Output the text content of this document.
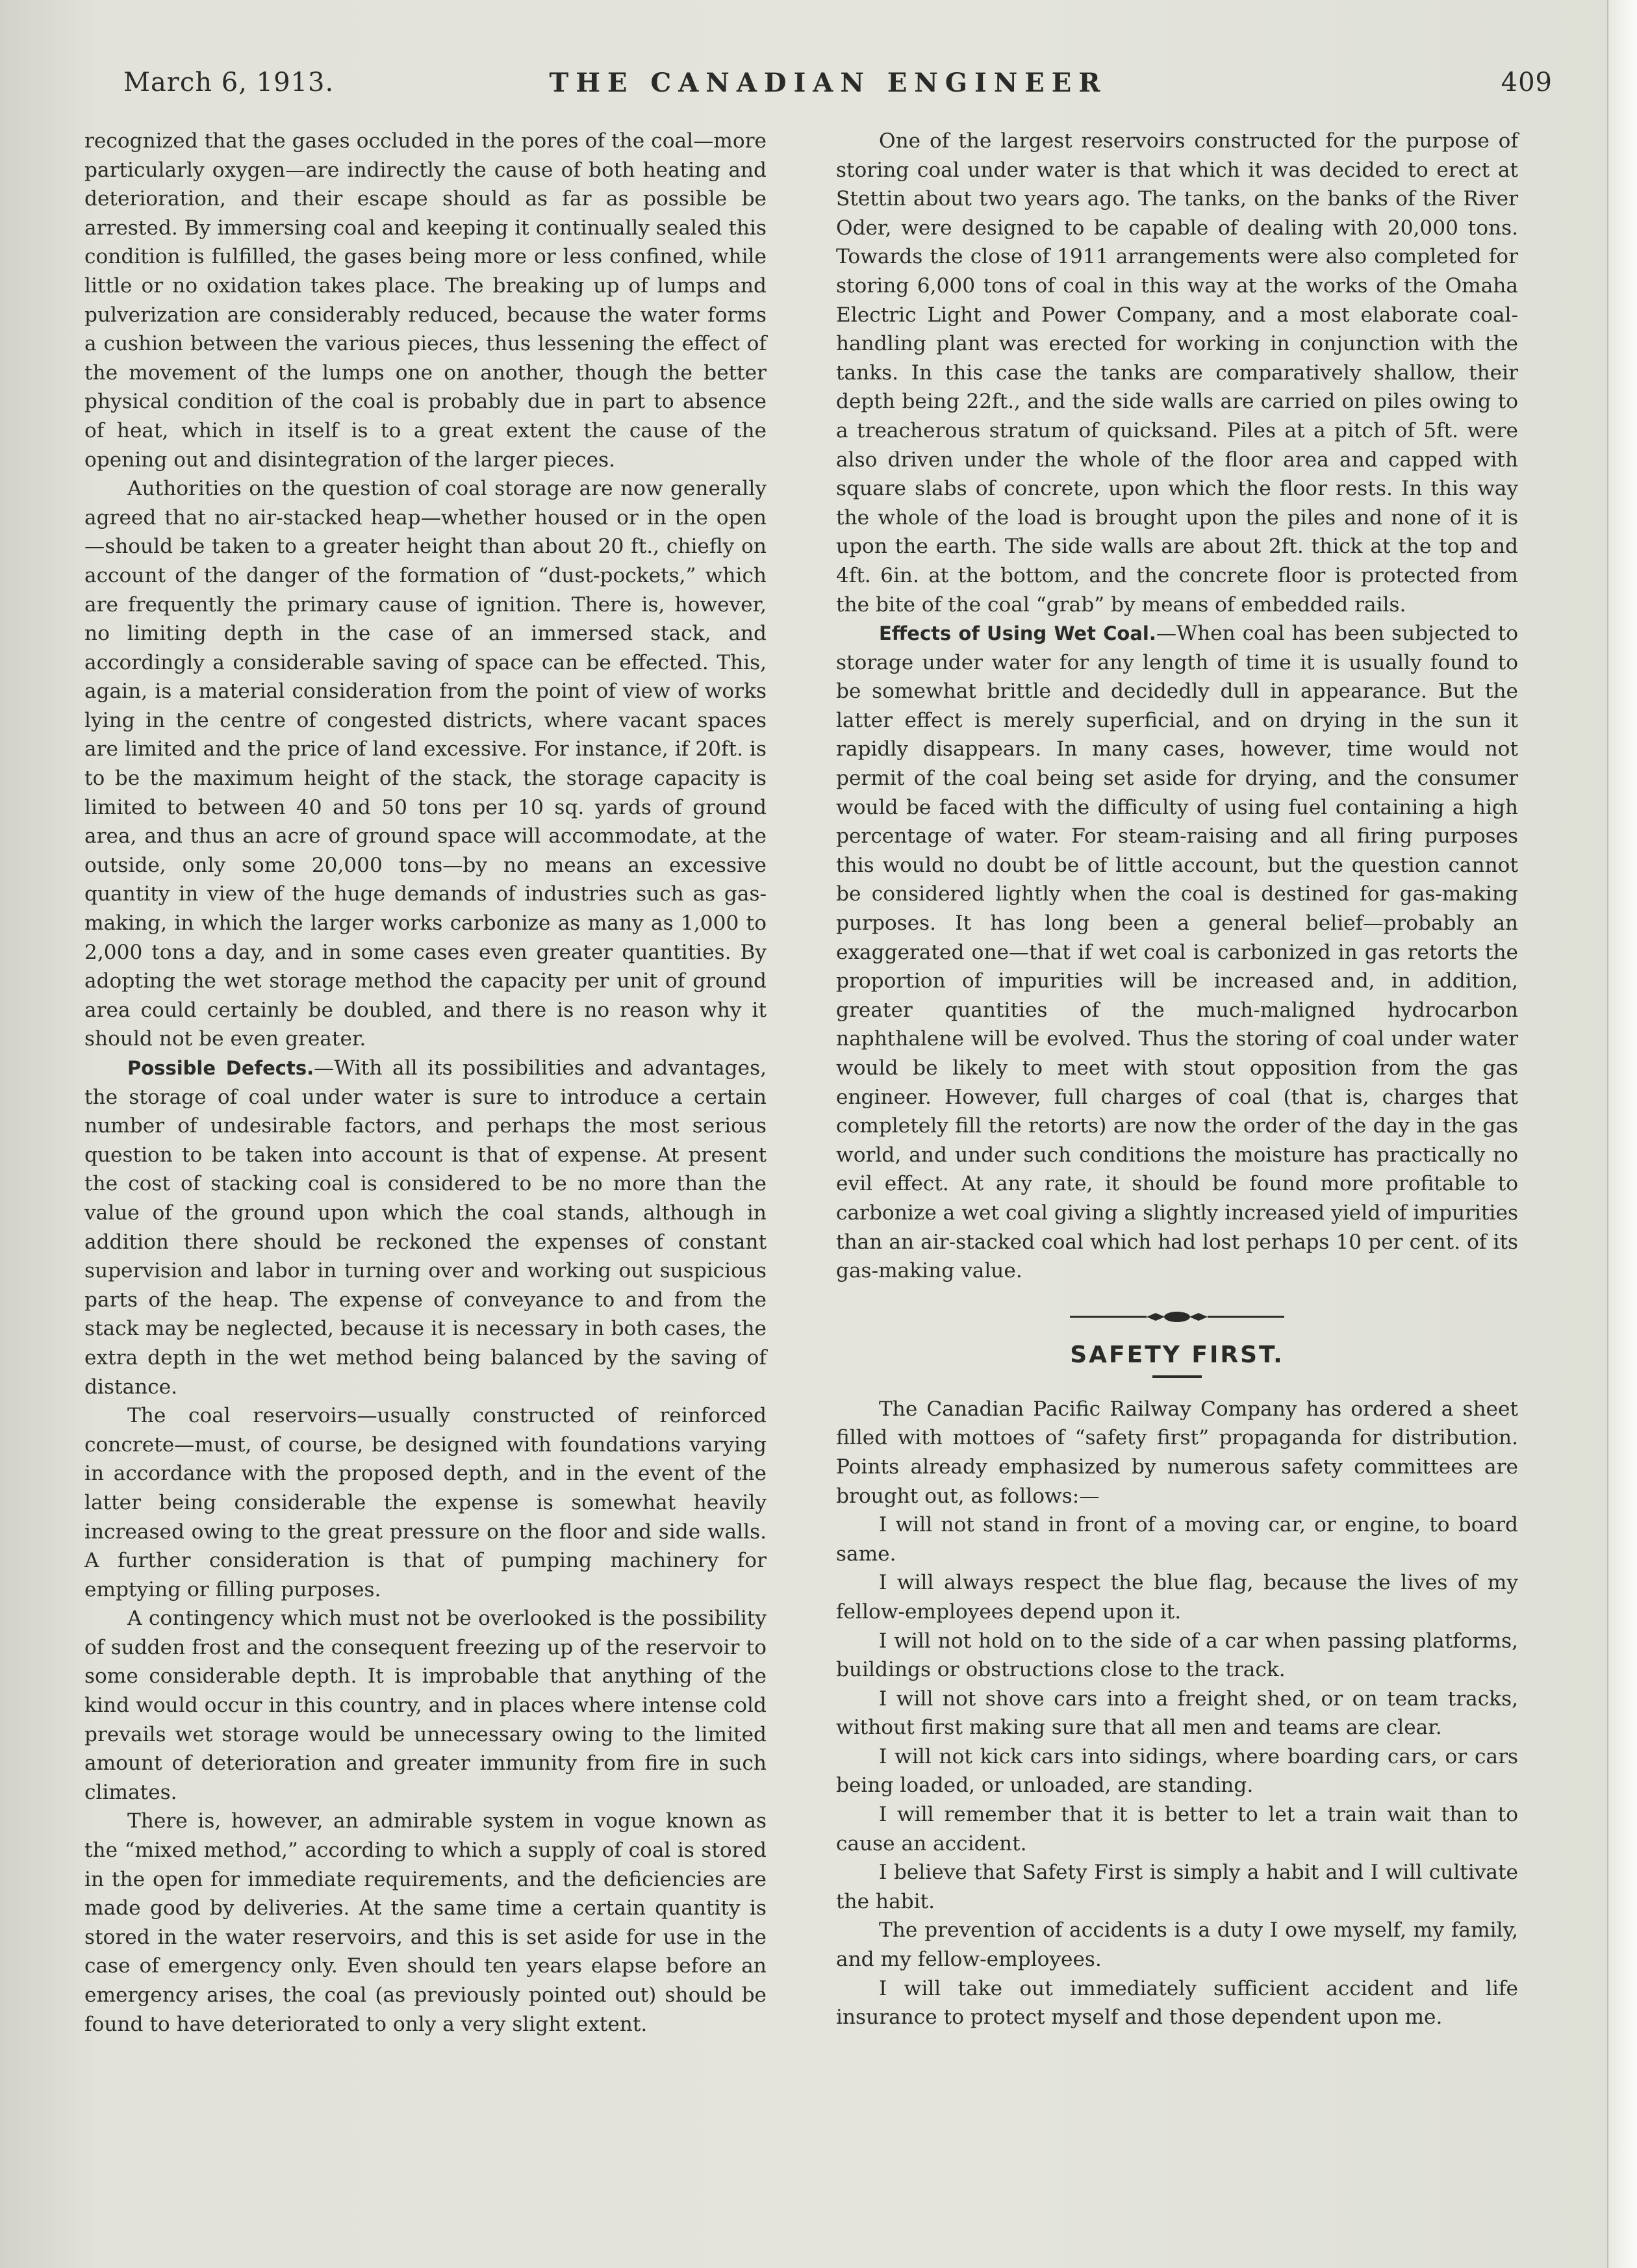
March 6, 1913.	THE CANADIAN ENGINEER	409

recognized that the gases occluded in the pores of the coal—more particularly oxygen—are indirectly the cause of both heating and deterioration, and their escape should as far as possible be arrested. By immersing coal and keeping it continually sealed this condition is fulfilled, the gases being more or less confined, while little or no oxidation takes place. The breaking up of lumps and pulverization are considerably reduced, because the water forms a cushion between the various pieces, thus lessening the effect of the movement of the lumps one on another, though the better physical condition of the coal is probably due in part to absence of heat, which in itself is to a great extent the cause of the opening out and disintegration of the larger pieces.

Authorities on the question of coal storage are now generally agreed that no air-stacked heap—whether housed or in the open—should be taken to a greater height than about 20 ft., chiefly on account of the danger of the formation of “dust-pockets,” which are frequently the primary cause of ignition. There is, however, no limiting depth in the case of an immersed stack, and accordingly a considerable saving of space can be effected. This, again, is a material consideration from the point of view of works lying in the centre of congested districts, where vacant spaces are limited and the price of land excessive. For instance, if 20ft. is to be the maximum height of the stack, the storage capacity is limited to between 40 and 50 tons per 10 sq. yards of ground area, and thus an acre of ground space will accommodate, at the outside, only some 20,000 tons—by no means an excessive quantity in view of the huge demands of industries such as gas-making, in which the larger works carbonize as many as 1,000 to 2,000 tons a day, and in some cases even greater quantities. By adopting the wet storage method the capacity per unit of ground area could certainly be doubled, and there is no reason why it should not be even greater.

Possible Defects.—With all its possibilities and advantages, the storage of coal under water is sure to introduce a certain number of undesirable factors, and perhaps the most serious question to be taken into account is that of expense. At present the cost of stacking coal is considered to be no more than the value of the ground upon which the coal stands, although in addition there should be reckoned the expenses of constant supervision and labor in turning over and working out suspicious parts of the heap. The expense of conveyance to and from the stack may be neglected, because it is necessary in both cases, the extra depth in the wet method being balanced by the saving of distance.

The coal reservoirs—usually constructed of reinforced concrete—must, of course, be designed with foundations varying in accordance with the proposed depth, and in the event of the latter being considerable the expense is somewhat heavily increased owing to the great pressure on the floor and side walls. A further consideration is that of pumping machinery for emptying or filling purposes.

A contingency which must not be overlooked is the possibility of sudden frost and the consequent freezing up of the reservoir to some considerable depth. It is improbable that anything of the kind would occur in this country, and in places where intense cold prevails wet storage would be unnecessary owing to the limited amount of deterioration and greater immunity from fire in such climates.

There is, however, an admirable system in vogue known as the “mixed method,” according to which a supply of coal is stored in the open for immediate requirements, and the deficiencies are made good by deliveries. At the same time a certain quantity is stored in the water reservoirs, and this is set aside for use in the case of emergency only. Even should ten years elapse before an emergency arises, the coal (as previously pointed out) should be found to have deteriorated to only a very slight extent.

One of the largest reservoirs constructed for the purpose of storing coal under water is that which it was decided to erect at Stettin about two years ago. The tanks, on the banks of the River Oder, were designed to be capable of dealing with 20,000 tons. Towards the close of 1911 arrangements were also completed for storing 6,000 tons of coal in this way at the works of the Omaha Electric Light and Power Company, and a most elaborate coal-handling plant was erected for working in conjunction with the tanks. In this case the tanks are comparatively shallow, their depth being 22ft., and the side walls are carried on piles owing to a treacherous stratum of quicksand. Piles at a pitch of 5ft. were also driven under the whole of the floor area and capped with square slabs of concrete, upon which the floor rests. In this way the whole of the load is brought upon the piles and none of it is upon the earth. The side walls are about 2ft. thick at the top and 4ft. 6in. at the bottom, and the concrete floor is protected from the bite of the coal “grab” by means of embedded rails.

Effects of Using Wet Coal.—When coal has been subjected to storage under water for any length of time it is usually found to be somewhat brittle and decidedly dull in appearance. But the latter effect is merely superficial, and on drying in the sun it rapidly disappears. In many cases, however, time would not permit of the coal being set aside for drying, and the consumer would be faced with the difficulty of using fuel containing a high percentage of water. For steam-raising and all firing purposes this would no doubt be of little account, but the question cannot be considered lightly when the coal is destined for gas-making purposes. It has long been a general belief—probably an exaggerated one—that if wet coal is carbonized in gas retorts the proportion of impurities will be increased and, in addition, greater quantities of the much-maligned hydrocarbon naphthalene will be evolved. Thus the storing of coal under water would be likely to meet with stout opposition from the gas engineer. However, full charges of coal (that is, charges that completely fill the retorts) are now the order of the day in the gas world, and under such conditions the moisture has practically no evil effect. At any rate, it should be found more profitable to carbonize a wet coal giving a slightly increased yield of impurities than an air-stacked coal which had lost perhaps 10 per cent. of its gas-making value.

SAFETY FIRST.

The Canadian Pacific Railway Company has ordered a sheet filled with mottoes of “safety first” propaganda for distribution. Points already emphasized by numerous safety committees are brought out, as follows:—

I will not stand in front of a moving car, or engine, to board same.

I will always respect the blue flag, because the lives of my fellow-employees depend upon it.

I will not hold on to the side of a car when passing platforms, buildings or obstructions close to the track.

I will not shove cars into a freight shed, or on team tracks, without first making sure that all men and teams are clear.

I will not kick cars into sidings, where boarding cars, or cars being loaded, or unloaded, are standing.

I will remember that it is better to let a train wait than to cause an accident.

I believe that Safety First is simply a habit and I will cultivate the habit.

The prevention of accidents is a duty I owe myself, my family, and my fellow-employees.

I will take out immediately sufficient accident and life insurance to protect myself and those dependent upon me.
